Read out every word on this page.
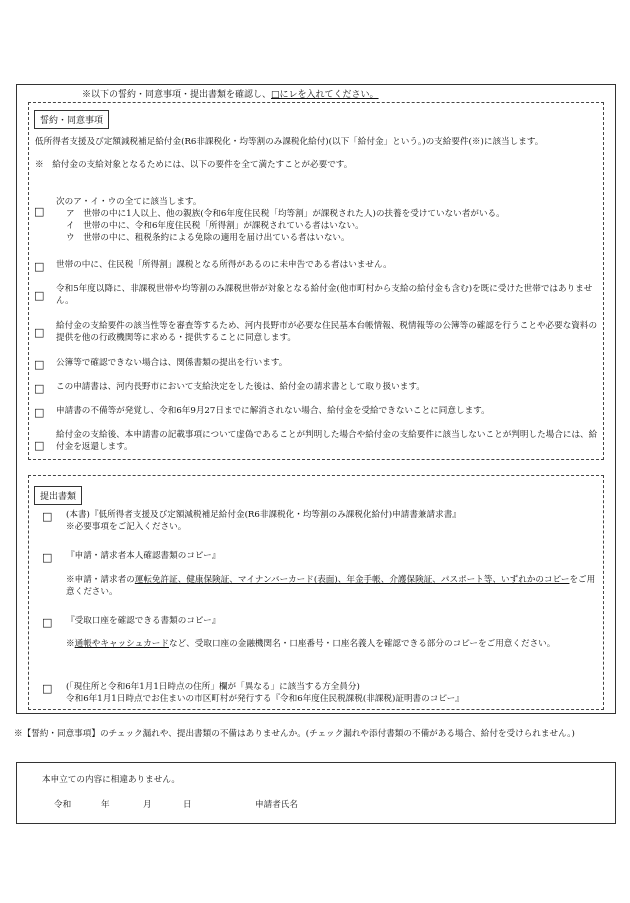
※以下の誓約・同意事項・提出書類を確認し、□にレを入れてください。
誓約・同意事項
低所得者支援及び定額減税補足給付金(R6非課税化・均等割のみ課税化給付)(以下「給付金」という。)の支給要件(※)に該当します。
※　給付金の支給対象となるためには、以下の要件を全て満たすことが必要です。
□
次のア・イ・ウの全てに該当します。
ア　世帯の中に1人以上、他の親族(令和6年度住民税「均等割」が課税された人)の扶養を受けていない者がいる。
イ　世帯の中に、令和6年度住民税「所得割」が課税されている者はいない。
ウ　世帯の中に、租税条約による免除の適用を届け出ている者はいない。
□ 世帯の中に、住民税「所得割」課税となる所得があるのに未申告である者はいません。
□ 令和5年度以降に、非課税世帯や均等割のみ課税世帯が対象となる給付金(他市町村から支給の給付金も含む)を既に受けた世帯ではありません。
□ 給付金の支給要件の該当性等を審査等するため、河内長野市が必要な住民基本台帳情報、税情報等の公簿等の確認を行うことや必要な資料の提供を他の行政機関等に求める・提供することに同意します。
□ 公簿等で確認できない場合は、関係書類の提出を行います。
□ この申請書は、河内長野市において支給決定をした後は、給付金の請求書として取り扱います。
□ 申請書の不備等が発覚し、令和6年9月27日までに解消されない場合、給付金を受給できないことに同意します。
□
給付金の支給後、本申請書の記載事項について虚偽であることが判明した場合や給付金の支給要件に該当しないことが判明した場合には、給付金を返還します。
提出書類
□ (本書)『低所得者支援及び定額減税補足給付金(R6非課税化・均等割のみ課税化給付)申請書兼請求書』
※必要事項をご記入ください。
□ 『申請・請求者本人確認書類のコピー』
※申請・請求者の運転免許証、健康保険証、マイナンバーカード(表面)、年金手帳、介護保険証、パスポート等、いずれかのコピーをご用意ください。
□ 『受取口座を確認できる書類のコピー』
※通帳やキャッシュカードなど、受取口座の金融機関名・口座番号・口座名義人を確認できる部分のコピーをご用意ください。
□ (「現住所と令和6年1月1日時点の住所」欄が「異なる」に該当する方全員分)
令和6年1月1日時点でお住まいの市区町村が発行する『令和6年度住民税課税(非課税)証明書のコピー』
※【誓約・同意事項】のチェック漏れや、提出書類の不備はありませんか。(チェック漏れや添付書類の不備がある場合、給付を受けられません。)
本申立ての内容に相違ありません。
令和	年	月	日	申請者氏名
